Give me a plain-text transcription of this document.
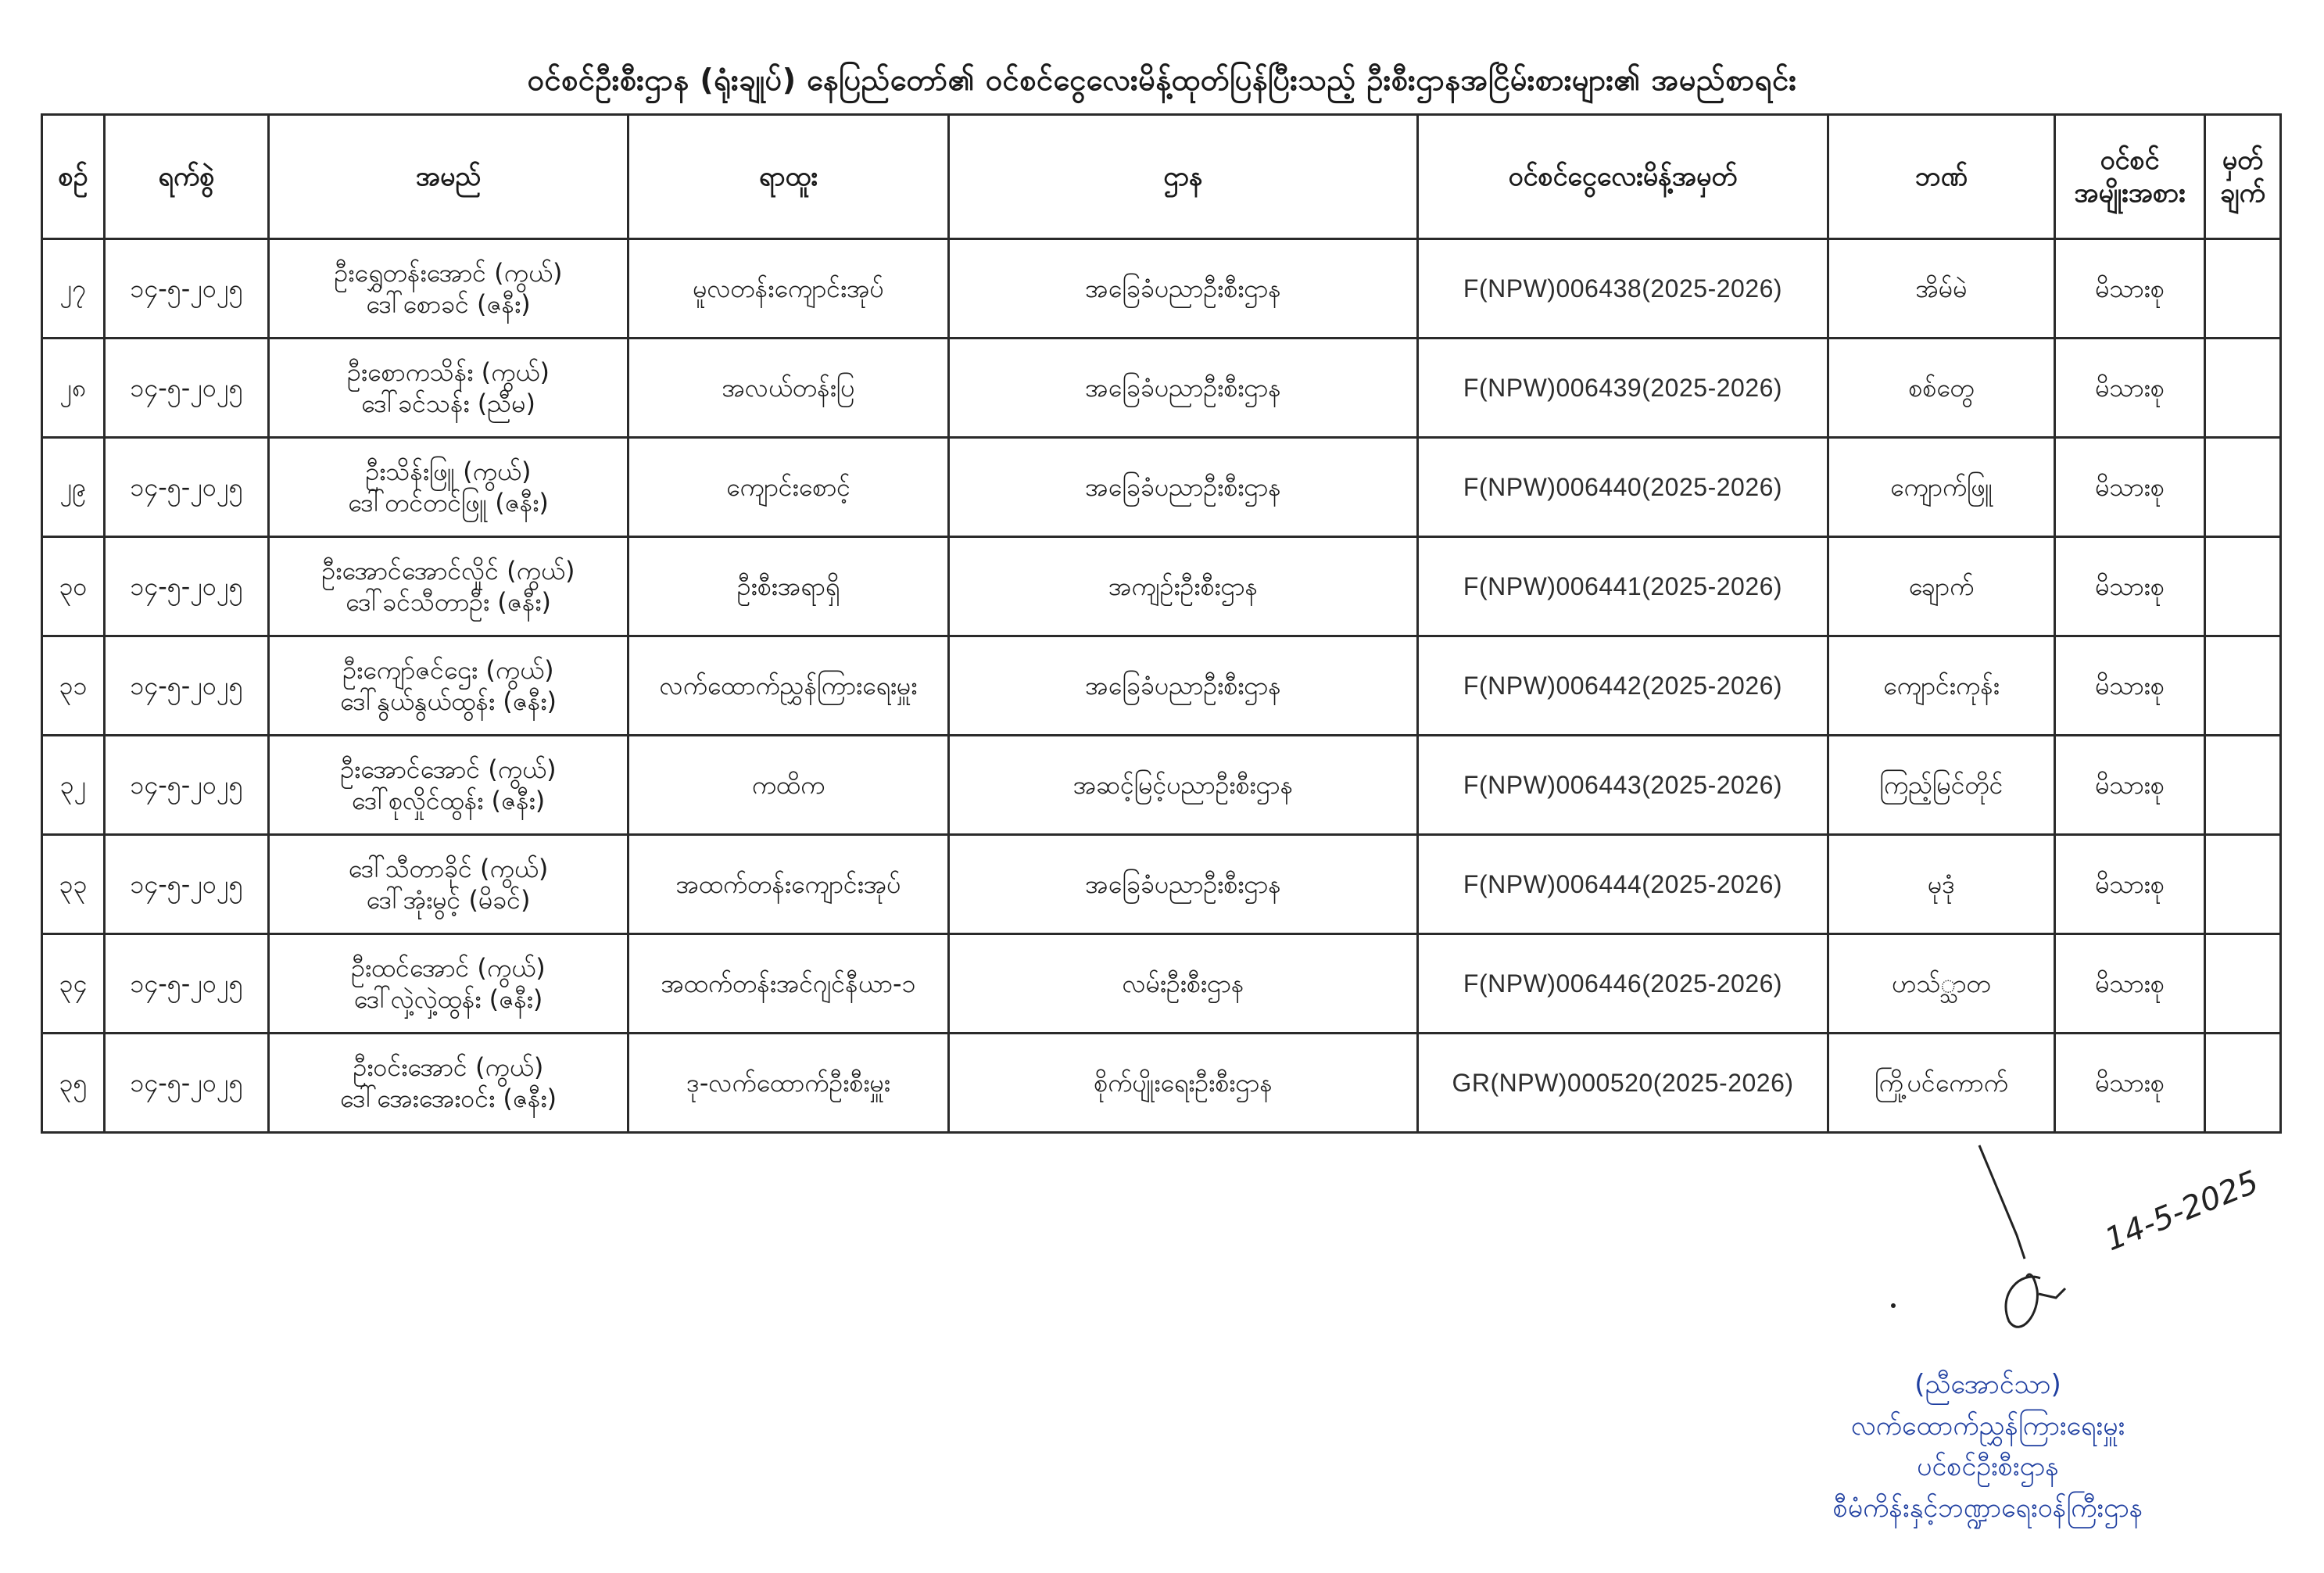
ဝင်စင်ဦးစီးဌာန (ရုံးချုပ်) နေပြည်တော်၏ ဝင်စင်ငွေလေးမိန့်ထုတ်ပြန်ပြီးသည့် ဦးစီးဌာနအငြိမ်းစားများ၏ အမည်စာရင်း
စဉ်	ရက်စွဲ	အမည်	ရာထူး	ဌာန	ဝင်စင်ငွေလေးမိန့်အမှတ်	ဘဏ်	ဝင်စင်
အမျိုးအစား	မှတ်
ချက်
၂၇	၁၄-၅-၂၀၂၅	ဦးရွှေတန်းအောင် (ကွယ်)
ဒေါ်စောခင် (ဇနီး)	မူလတန်းကျောင်းအုပ်	အခြေခံပညာဦးစီးဌာန	F(NPW)006438(2025-2026)	အိမ်မဲ	မိသားစု	
၂၈	၁၄-၅-၂၀၂၅	ဦးစောကသိန်း (ကွယ်)
ဒေါ်ခင်သန်း (ညီမ)	အလယ်တန်းပြ	အခြေခံပညာဦးစီးဌာန	F(NPW)006439(2025-2026)	စစ်တွေ	မိသားစု	
၂၉	၁၄-၅-၂၀၂၅	ဦးသိန်းဖြူ (ကွယ်)
ဒေါ်တင်တင်ဖြူ (ဇနီး)	ကျောင်းစောင့်	အခြေခံပညာဦးစီးဌာန	F(NPW)006440(2025-2026)	ကျောက်ဖြူ	မိသားစု	
၃၀	၁၄-၅-၂၀၂၅	ဦးအောင်အောင်လှိုင် (ကွယ်)
ဒေါ်ခင်သီတာဦး (ဇနီး)	ဦးစီးအရာရှိ	အကျဉ်းဦးစီးဌာန	F(NPW)006441(2025-2026)	ချောက်	မိသားစု	
၃၁	၁၄-၅-၂၀၂၅	ဦးကျော်ဇင်ဌေး (ကွယ်)
ဒေါ်နွယ်နွယ်ထွန်း (ဇနီး)	လက်ထောက်ညွှန်ကြားရေးမှူး	အခြေခံပညာဦးစီးဌာန	F(NPW)006442(2025-2026)	ကျောင်းကုန်း	မိသားစု	
၃၂	၁၄-၅-၂၀၂၅	ဦးအောင်အောင် (ကွယ်)
ဒေါ်စုလှိုင်ထွန်း (ဇနီး)	ကထိက	အဆင့်မြင့်ပညာဦးစီးဌာန	F(NPW)006443(2025-2026)	ကြည့်မြင်တိုင်	မိသားစု	
၃၃	၁၄-၅-၂၀၂၅	ဒေါ်သီတာခိုင် (ကွယ်)
ဒေါ်အုံးမွင့် (မိခင်)	အထက်တန်းကျောင်းအုပ်	အခြေခံပညာဦးစီးဌာန	F(NPW)006444(2025-2026)	မုဒုံ	မိသားစု	
၃၄	၁၄-၅-၂၀၂၅	ဦးထင်အောင် (ကွယ်)
ဒေါ်လှဲ့လှဲ့ထွန်း (ဇနီး)	အထက်တန်းအင်ဂျင်နီယာ-၁	လမ်းဦးစီးဌာန	F(NPW)006446(2025-2026)	ဟသ်္သာတ	မိသားစု	
၃၅	၁၄-၅-၂၀၂၅	ဦးဝင်းအောင် (ကွယ်)
ဒေါ်အေးအေးဝင်း (ဇနီး)	ဒု-လက်ထောက်ဦးစီးမှူး	စိုက်ပျိုးရေးဦးစီးဌာန	GR(NPW)000520(2025-2026)	ကြို့ပင်ကောက်	မိသားစု	
14-5-2025
(ညီအောင်သာ)
လက်ထောက်ညွှန်ကြားရေးမှူး
ပင်စင်ဦးစီးဌာန
စီမံကိန်းနှင့်ဘဏ္ဍာရေးဝန်ကြီးဌာန
